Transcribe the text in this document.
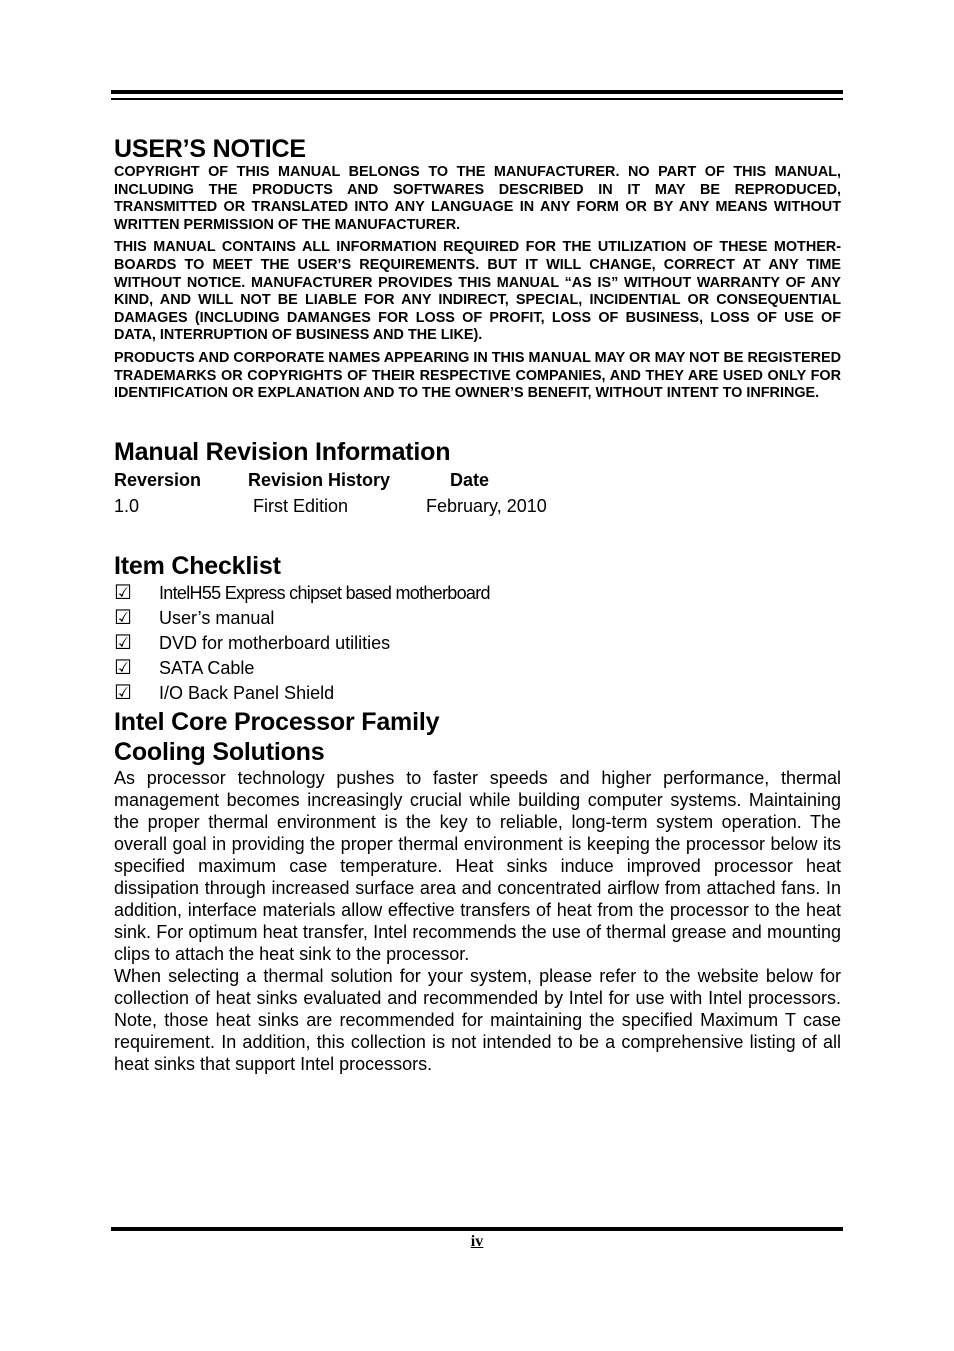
USER’S NOTICE

COPYRIGHT OF THIS MANUAL BELONGS TO THE MANUFACTURER. NO PART OF THIS MANUAL, INCLUDING THE PRODUCTS AND SOFTWARES DESCRIBED IN IT MAY BE REPRODUCED, TRANSMITTED OR TRANSLATED INTO ANY LANGUAGE IN ANY FORM OR BY ANY MEANS WITHOUT WRITTEN PERMISSION OF THE MANUFACTURER.

THIS MANUAL CONTAINS ALL INFORMATION REQUIRED FOR THE UTILIZATION OF THESE MOTHER-BOARDS TO MEET THE USER’S REQUIREMENTS. BUT IT WILL CHANGE, CORRECT AT ANY TIME WITHOUT NOTICE. MANUFACTURER PROVIDES THIS MANUAL “AS IS” WITHOUT WARRANTY OF ANY KIND, AND WILL NOT BE LIABLE FOR ANY INDIRECT, SPECIAL, INCIDENTIAL OR CONSEQUENTIAL DAMAGES (INCLUDING DAMANGES FOR LOSS OF PROFIT, LOSS OF BUSINESS, LOSS OF USE OF DATA, INTERRUPTION OF BUSINESS AND THE LIKE).

PRODUCTS AND CORPORATE NAMES APPEARING IN THIS MANUAL MAY OR MAY NOT BE REGISTERED TRADEMARKS OR COPYRIGHTS OF THEIR RESPECTIVE COMPANIES, AND THEY ARE USED ONLY FOR IDENTIFICATION OR EXPLANATION AND TO THE OWNER’S BENEFIT, WITHOUT INTENT TO INFRINGE.

Manual Revision Information
Reversion	Revision History	Date
1.0	First Edition	February, 2010
Item Checklist
☑ IntelH55 Express chipset based motherboard
☑ User’s manual
☑ DVD for motherboard utilities
☑ SATA Cable
☑ I/O Back Panel Shield
Intel Core Processor Family
Cooling Solutions

As processor technology pushes to faster speeds and higher performance, thermal management becomes increasingly crucial while building computer systems. Maintaining the proper thermal environment is the key to reliable, long-term system operation. The overall goal in providing the proper thermal environment is keeping the processor below its specified maximum case temperature. Heat sinks induce improved processor heat dissipation through increased surface area and concentrated airflow from attached fans. In addition, interface materials allow effective transfers of heat from the processor to the heat sink. For optimum heat transfer, Intel recommends the use of thermal grease and mounting clips to attach the heat sink to the processor.

When selecting a thermal solution for your system, please refer to the website below for collection of heat sinks evaluated and recommended by Intel for use with Intel processors. Note, those heat sinks are recommended for maintaining the specified Maximum T case requirement. In addition, this collection is not intended to be a comprehensive listing of all heat sinks that support Intel processors.

iv
